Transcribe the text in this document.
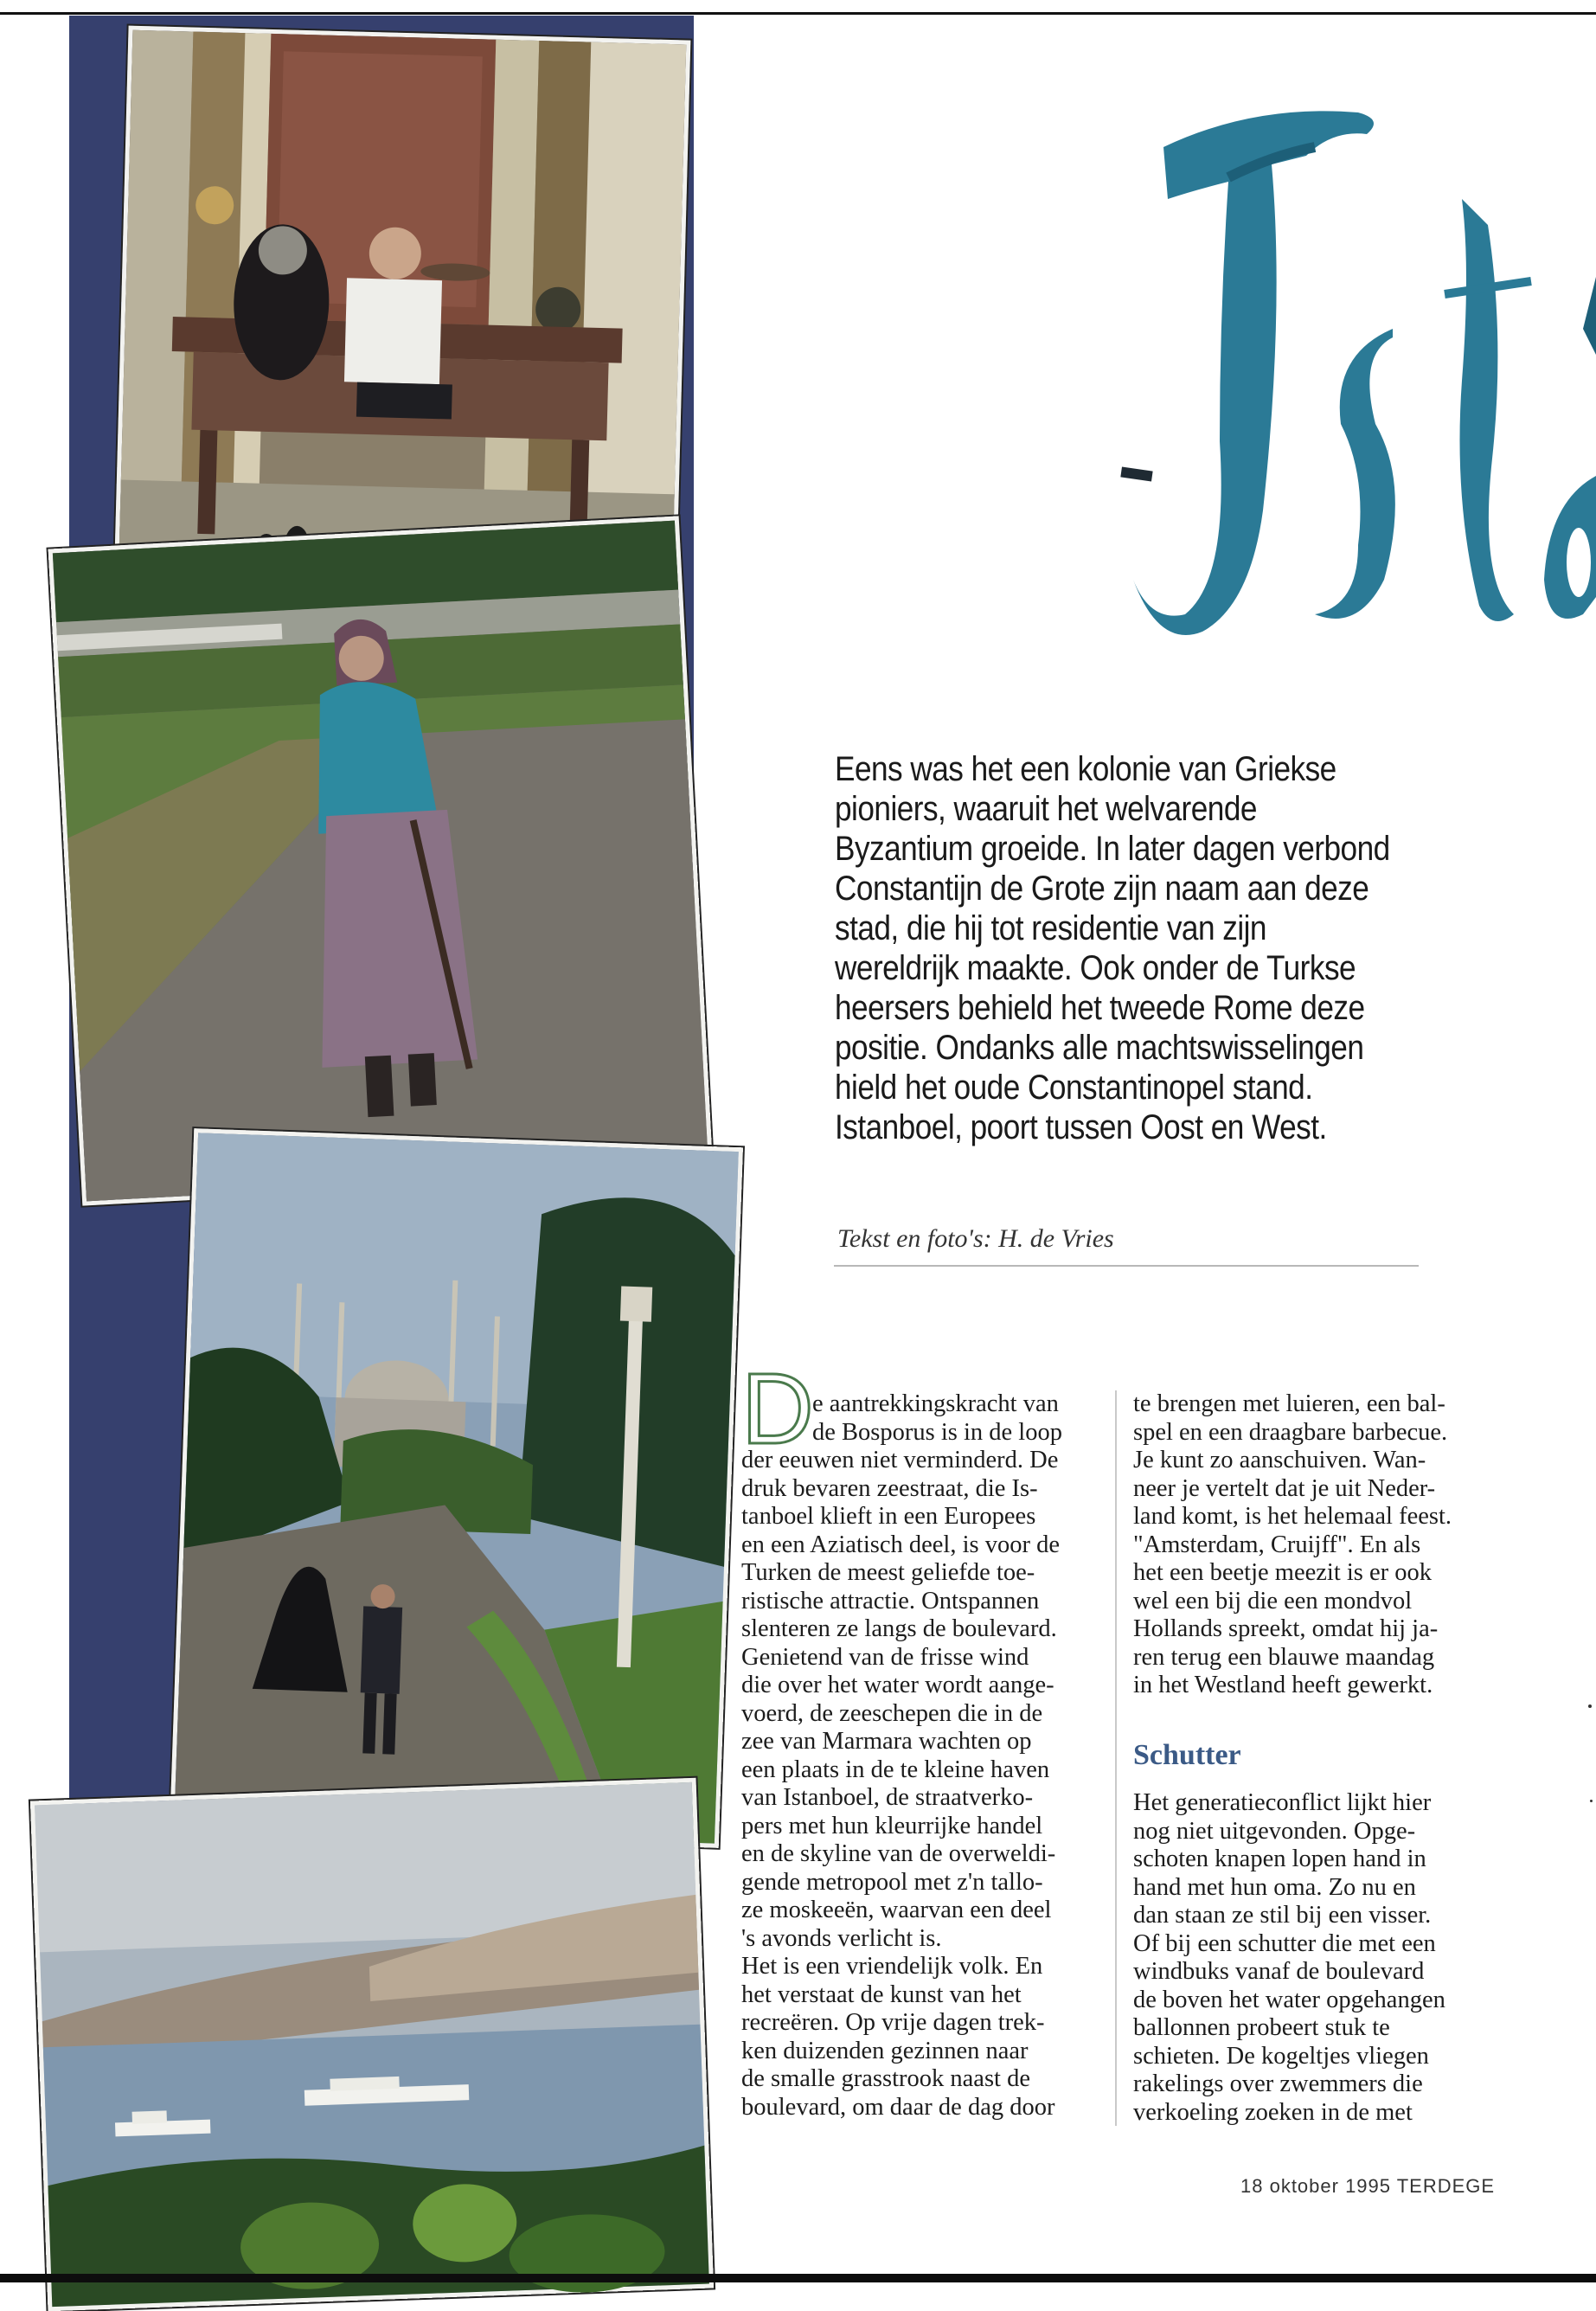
Eens was het een kolonie van Griekse pioniers, waaruit het welvarende Byzantium groeide. In later dagen verbond Constantijn de Grote zijn naam aan deze stad, die hij tot residentie van zijn wereldrijk maakte. Ook onder de Turkse heersers behield het tweede Rome deze positie. Ondanks alle machtswisselingen hield het oude Constantinopel stand. Istanboel, poort tussen Oost en West.
Tekst en foto's: H. de Vries
D

e aantrekkingskracht van

de Bosporus is in de loop

der eeuwen niet verminderd. De

druk bevaren zeestraat, die Is-

tanboel klieft in een Europees

en een Aziatisch deel, is voor de

Turken de meest geliefde toe-

ristische attractie. Ontspannen

slenteren ze langs de boulevard.

Genietend van de frisse wind

die over het water wordt aange-

voerd, de zeeschepen die in de

zee van Marmara wachten op

een plaats in de te kleine haven

van Istanboel, de straatverko-

pers met hun kleurrijke handel

en de skyline van de overweldi-

gende metropool met z'n tallo-

ze moskeeën, waarvan een deel

's avonds verlicht is.

Het is een vriendelijk volk. En

het verstaat de kunst van het

recreëren. Op vrije dagen trek-

ken duizenden gezinnen naar

de smalle grasstrook naast de

boulevard, om daar de dag door

te brengen met luieren, een bal-

spel en een draagbare barbecue.

Je kunt zo aanschuiven. Wan-

neer je vertelt dat je uit Neder-

land komt, is het helemaal feest.

"Amsterdam, Cruijff". En als

het een beetje meezit is er ook

wel een bij die een mondvol

Hollands spreekt, omdat hij ja-

ren terug een blauwe maandag

in het Westland heeft gewerkt.

Schutter

Het generatieconflict lijkt hier

nog niet uitgevonden. Opge-

schoten knapen lopen hand in

hand met hun oma. Zo nu en

dan staan ze stil bij een visser.

Of bij een schutter die met een

windbuks vanaf de boulevard

de boven het water opgehangen

ballonnen probeert stuk te

schieten. De kogeltjes vliegen

rakelings over zwemmers die

verkoeling zoeken in de met

18 oktober 1995 TERDEGE
